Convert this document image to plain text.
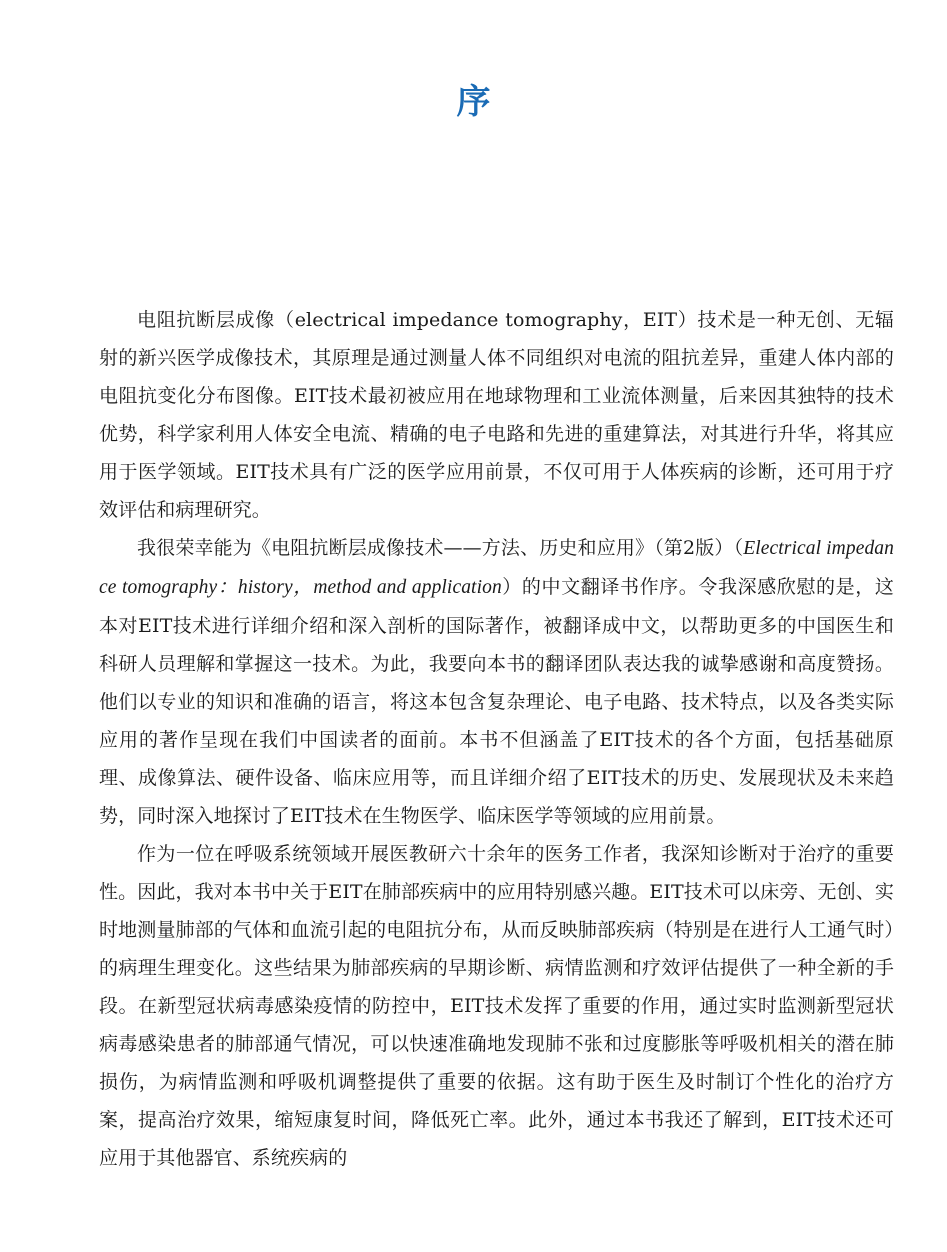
序

电阻抗断层成像（electrical impedance tomography，EIT）技术是一种无创、无辐射的新兴医学成像技术，其原理是通过测量人体不同组织对电流的阻抗差异，重建人体内部的电阻抗变化分布图像。EIT技术最初被应用在地球物理和工业流体测量，后来因其独特的技术优势，科学家利用人体安全电流、精确的电子电路和先进的重建算法，对其进行升华，将其应用于医学领域。EIT技术具有广泛的医学应用前景，不仅可用于人体疾病的诊断，还可用于疗效评估和病理研究。

我很荣幸能为《电阻抗断层成像技术——方法、历史和应用》（第2版）（Electrical impedance tomography：history，method and application）的中文翻译书作序。令我深感欣慰的是，这本对EIT技术进行详细介绍和深入剖析的国际著作，被翻译成中文，以帮助更多的中国医生和科研人员理解和掌握这一技术。为此，我要向本书的翻译团队表达我的诚挚感谢和高度赞扬。他们以专业的知识和准确的语言，将这本包含复杂理论、电子电路、技术特点，以及各类实际应用的著作呈现在我们中国读者的面前。本书不但涵盖了EIT技术的各个方面，包括基础原理、成像算法、硬件设备、临床应用等，而且详细介绍了EIT技术的历史、发展现状及未来趋势，同时深入地探讨了EIT技术在生物医学、临床医学等领域的应用前景。

作为一位在呼吸系统领域开展医教研六十余年的医务工作者，我深知诊断对于治疗的重要性。因此，我对本书中关于EIT在肺部疾病中的应用特别感兴趣。EIT技术可以床旁、无创、实时地测量肺部的气体和血流引起的电阻抗分布，从而反映肺部疾病（特别是在进行人工通气时）的病理生理变化。这些结果为肺部疾病的早期诊断、病情监测和疗效评估提供了一种全新的手段。在新型冠状病毒感染疫情的防控中，EIT技术发挥了重要的作用，通过实时监测新型冠状病毒感染患者的肺部通气情况，可以快速准确地发现肺不张和过度膨胀等呼吸机相关的潜在肺损伤，为病情监测和呼吸机调整提供了重要的依据。这有助于医生及时制订个性化的治疗方案，提高治疗效果，缩短康复时间，降低死亡率。此外，通过本书我还了解到，EIT技术还可应用于其他器官、系统疾病的
